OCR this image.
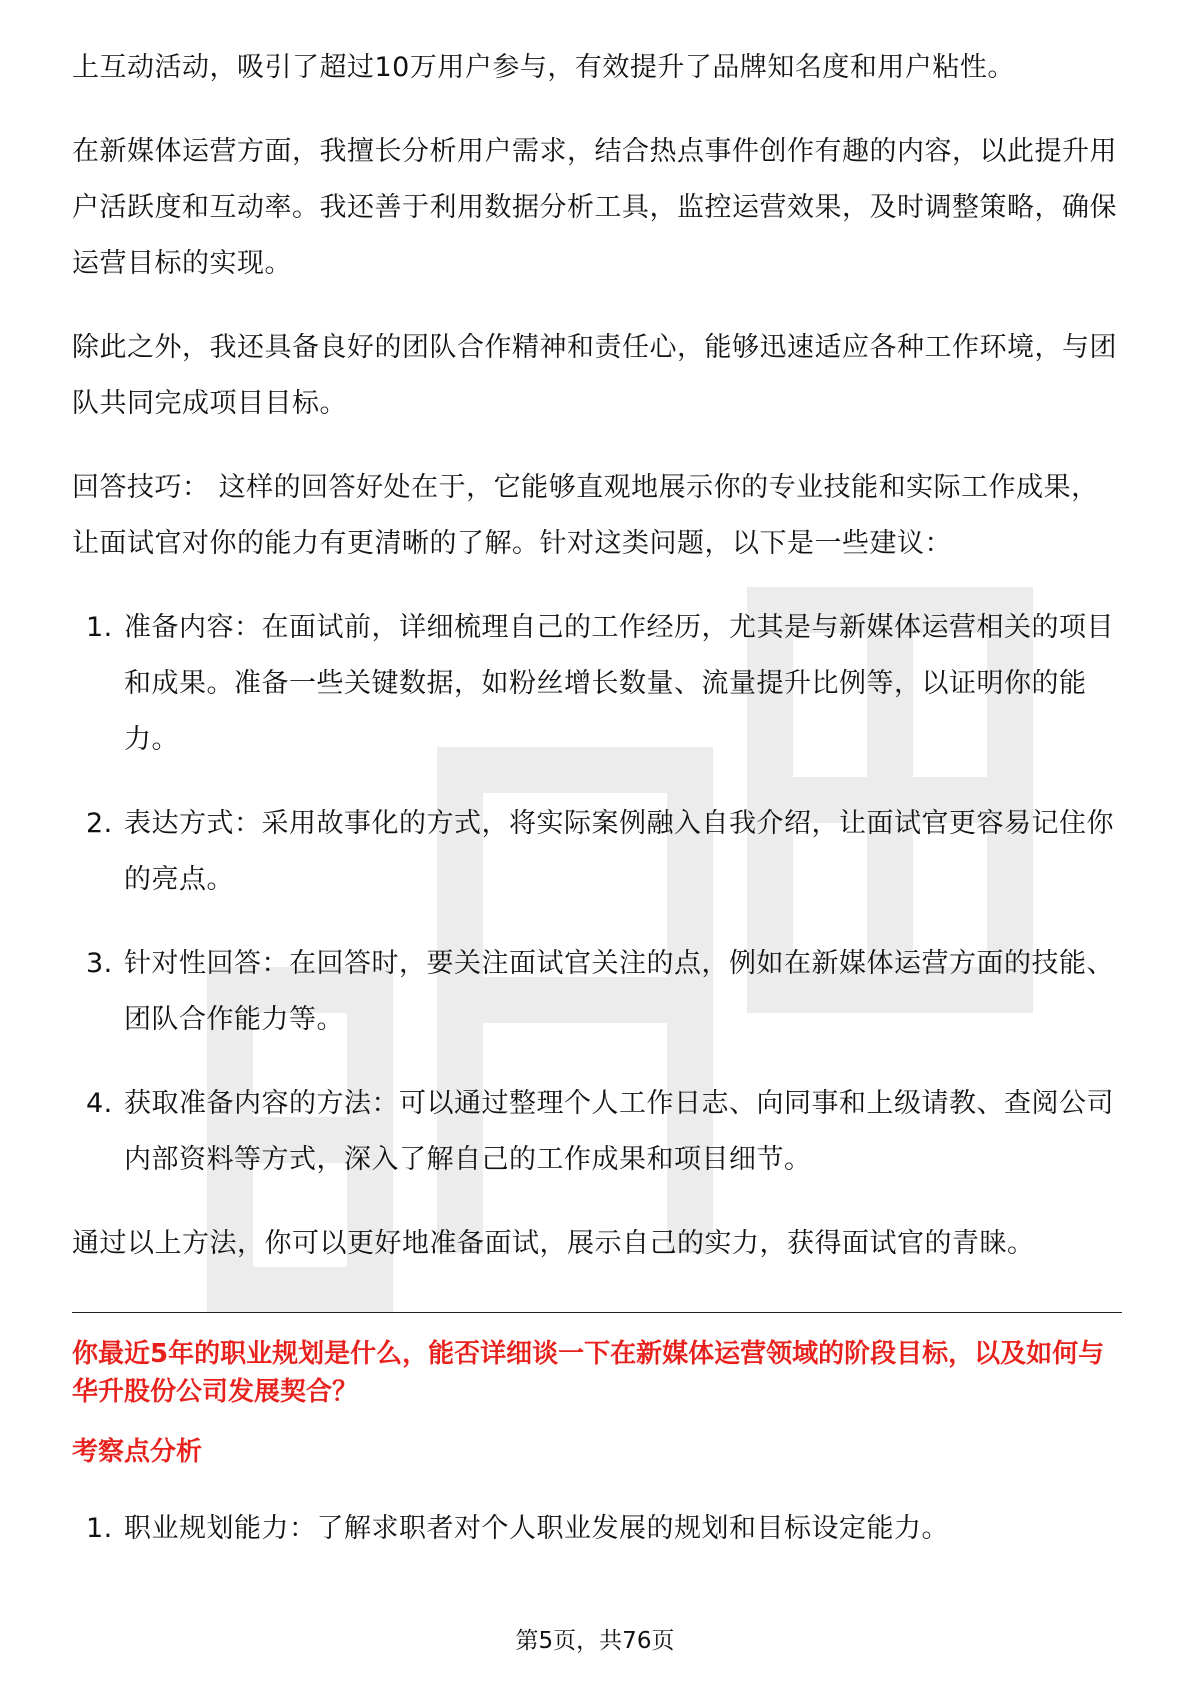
上互动活动，吸引了超过10万用户参与，有效提升了品牌知名度和用户粘性。

在新媒体运营方面，我擅长分析用户需求，结合热点事件创作有趣的内容，以此提升用户活跃度和互动率。我还善于利用数据分析工具，监控运营效果，及时调整策略，确保运营目标的实现。

除此之外，我还具备良好的团队合作精神和责任心，能够迅速适应各种工作环境，与团队共同完成项目目标。

回答技巧： 这样的回答好处在于，它能够直观地展示你的专业技能和实际工作成果，让面试官对你的能力有更清晰的了解。针对这类问题，以下是一些建议：

1. 准备内容：在面试前，详细梳理自己的工作经历，尤其是与新媒体运营相关的项目和成果。准备一些关键数据，如粉丝增长数量、流量提升比例等，以证明你的能力。
2. 表达方式：采用故事化的方式，将实际案例融入自我介绍，让面试官更容易记住你的亮点。
3. 针对性回答：在回答时，要关注面试官关注的点，例如在新媒体运营方面的技能、团队合作能力等。
4. 获取准备内容的方法：可以通过整理个人工作日志、向同事和上级请教、查阅公司内部资料等方式，深入了解自己的工作成果和项目细节。

通过以上方法，你可以更好地准备面试，展示自己的实力，获得面试官的青睐。

你最近5年的职业规划是什么，能否详细谈一下在新媒体运营领域的阶段目标，以及如何与华升股份公司发展契合？
考察点分析
1. 职业规划能力：了解求职者对个人职业发展的规划和目标设定能力。
第5页，共76页
